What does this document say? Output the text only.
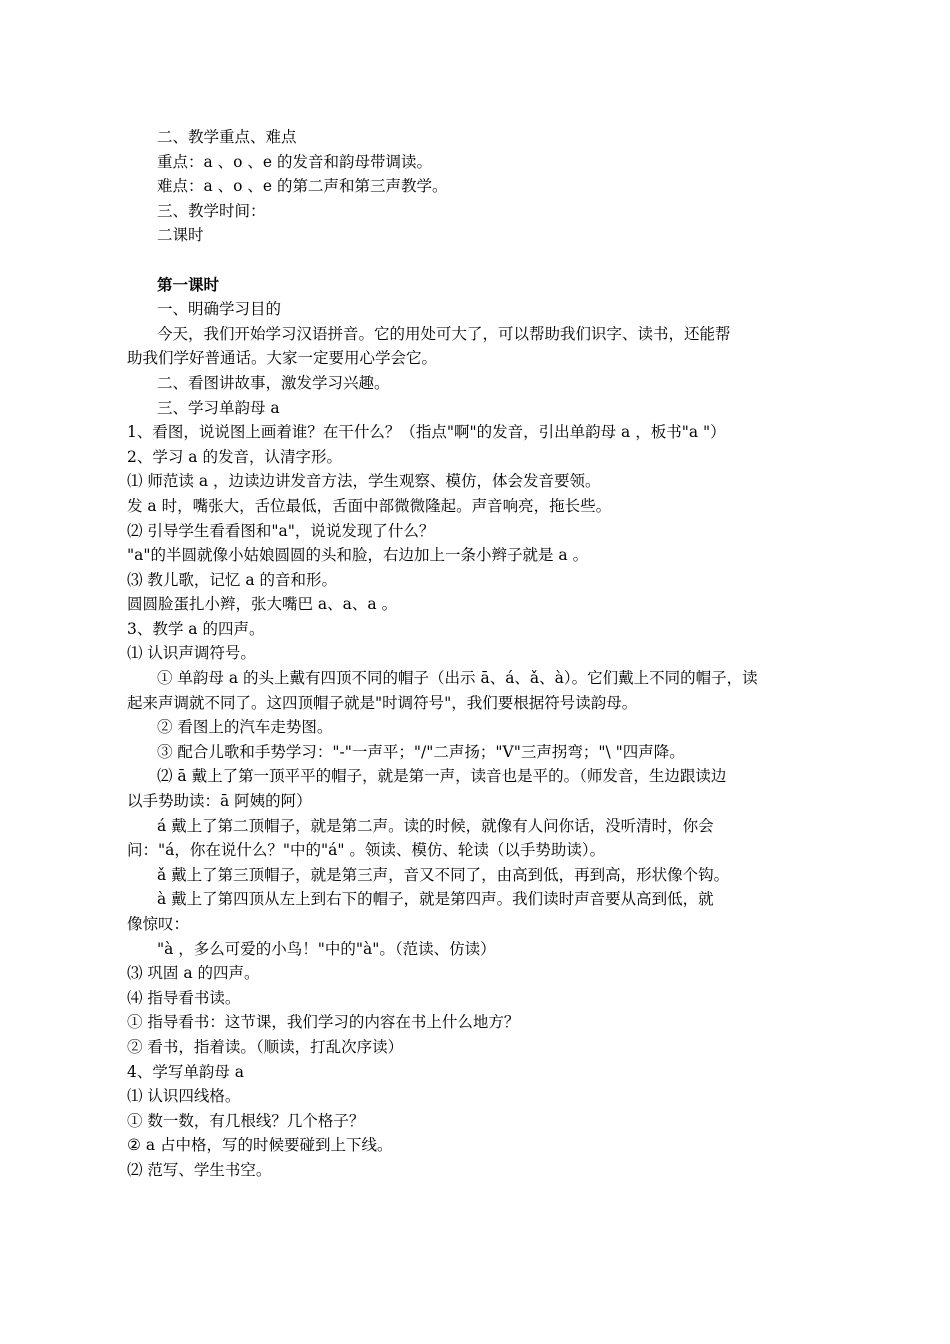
二、教学重点、难点

重点：a 、o 、e 的发音和韵母带调读。

难点：a 、o 、e 的第二声和第三声教学。

三、教学时间：

二课时

第一课时

一、明确学习目的

今天，我们开始学习汉语拼音。它的用处可大了，可以帮助我们识字、读书，还能帮
助我们学好普通话。大家一定要用心学会它。

二、看图讲故事，激发学习兴趣。

三、学习单韵母 a

1、看图，说说图上画着谁？在干什么？（指点"啊"的发音，引出单韵母 a ，板书"a "）

2、学习 a 的发音，认清字形。

⑴ 师范读 a ，边读边讲发音方法，学生观察、模仿，体会发音要领。

发 a 时，嘴张大，舌位最低，舌面中部微微隆起。声音响亮，拖长些。

⑵ 引导学生看看图和"a"，说说发现了什么？

"a"的半圆就像小姑娘圆圆的头和脸，右边加上一条小辫子就是 a 。

⑶ 教儿歌，记忆 a 的音和形。

圆圆脸蛋扎小辫，张大嘴巴 a、a、a 。

3、教学 a 的四声。

⑴ 认识声调符号。

① 单韵母 a 的头上戴有四顶不同的帽子（出示 ā、á、ǎ、à）。它们戴上不同的帽子，读
起来声调就不同了。这四顶帽子就是"时调符号"，我们要根据符号读韵母。

② 看图上的汽车走势图。

③ 配合儿歌和手势学习："-"一声平；"/"二声扬；"V"三声拐弯；"\ "四声降。

⑵ ā 戴上了第一顶平平的帽子，就是第一声，读音也是平的。（师发音，生边跟读边
以手势助读：ā 阿姨的阿）
á 戴上了第二顶帽子，就是第二声。读的时候，就像有人问你话，没听清时，你会
问："á，你在说什么？"中的"á" 。领读、模仿、轮读（以手势助读）。

ǎ 戴上了第三顶帽子，就是第三声，音又不同了，由高到低，再到高，形状像个钩。

à 戴上了第四顶从左上到右下的帽子，就是第四声。我们读时声音要从高到低，就
像惊叹：

"à ，多么可爱的小鸟！"中的"à"。（范读、仿读）

⑶ 巩固 a 的四声。

⑷ 指导看书读。

① 指导看书：这节课，我们学习的内容在书上什么地方？

② 看书，指着读。（顺读，打乱次序读）

4、学写单韵母 a

⑴ 认识四线格。

① 数一数，有几根线？几个格子？

② a 占中格，写的时候要碰到上下线。

⑵ 范写、学生书空。
